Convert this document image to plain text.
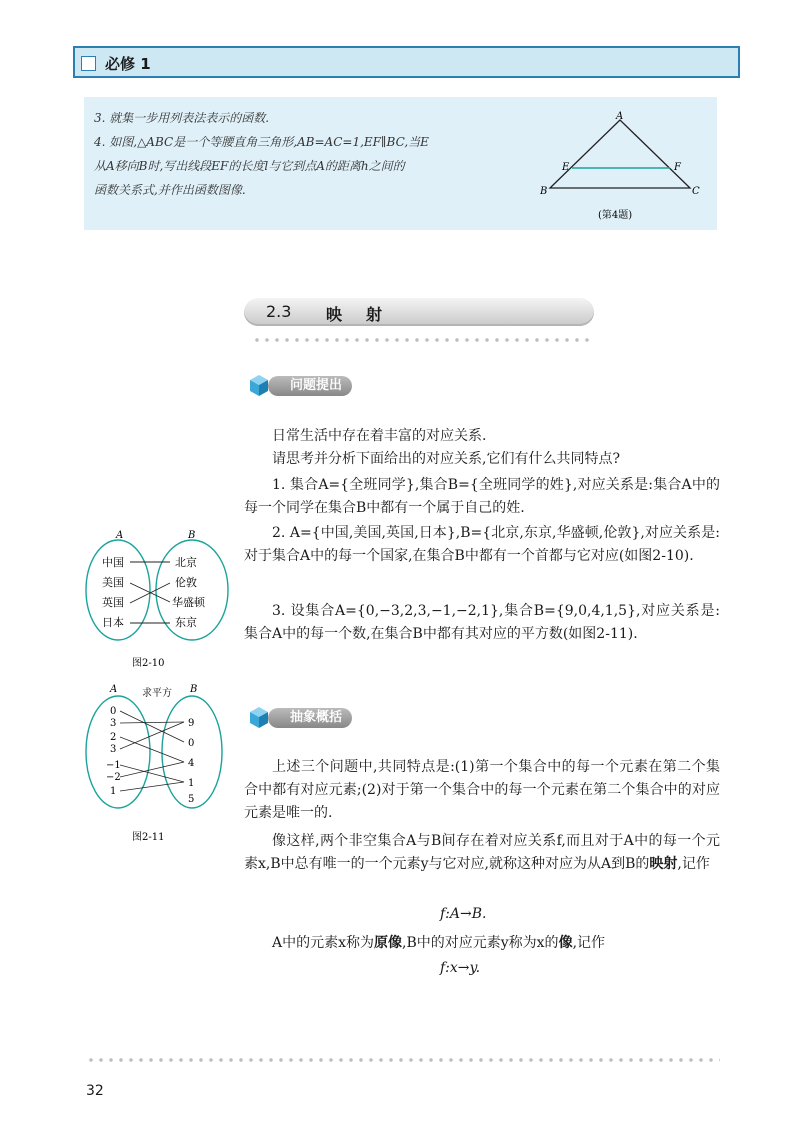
必修 1
3. 就集一步用列表法表示的函数.
4. 如图,△ABC是一个等腰直角三角形,AB=AC=1,EF∥BC,当E
从A移向B时,写出线段EF的长度l与它到点A的距离h之间的
函数关系式,并作出函数图像.
A
B	C
E	F
(第4题)
2.3 映射
问题提出
日常生活中存在着丰富的对应关系.
请思考并分析下面给出的对应关系,它们有什么共同特点?
1. 集合A={全班同学},集合B={全班同学的姓},对应关系是:集合A中的每一个同学在集合B中都有一个属于自己的姓.
2. A={中国,美国,英国,日本},B={北京,东京,华盛顿,伦敦},对应关系是:对于集合A中的每一个国家,在集合B中都有一个首都与它对应(如图2-10).
3. 设集合A={0,−3,2,3,−1,−2,1},集合B={9,0,4,1,5},对应关系是:集合A中的每一个数,在集合B中都有其对应的平方数(如图2-11).
A	B
中国
美国
英国
日本
北京
伦敦
华盛顿
东京
图2-10
A 求平方 B
0
3
2
3
−1
−2
1
9
0
4
1
5
图2-11
抽象概括
上述三个问题中,共同特点是:(1)第一个集合中的每一个元素在第二个集合中都有对应元素;(2)对于第一个集合中的每一个元素在第二个集合中的对应元素是唯一的.
像这样,两个非空集合A与B间存在着对应关系f,而且对于A中的每一个元素x,B中总有唯一的一个元素y与它对应,就称这种对应为从A到B的映射,记作
f:A→B.
A中的元素x称为原像,B中的对应元素y称为x的像,记作
f:x→y.
32
